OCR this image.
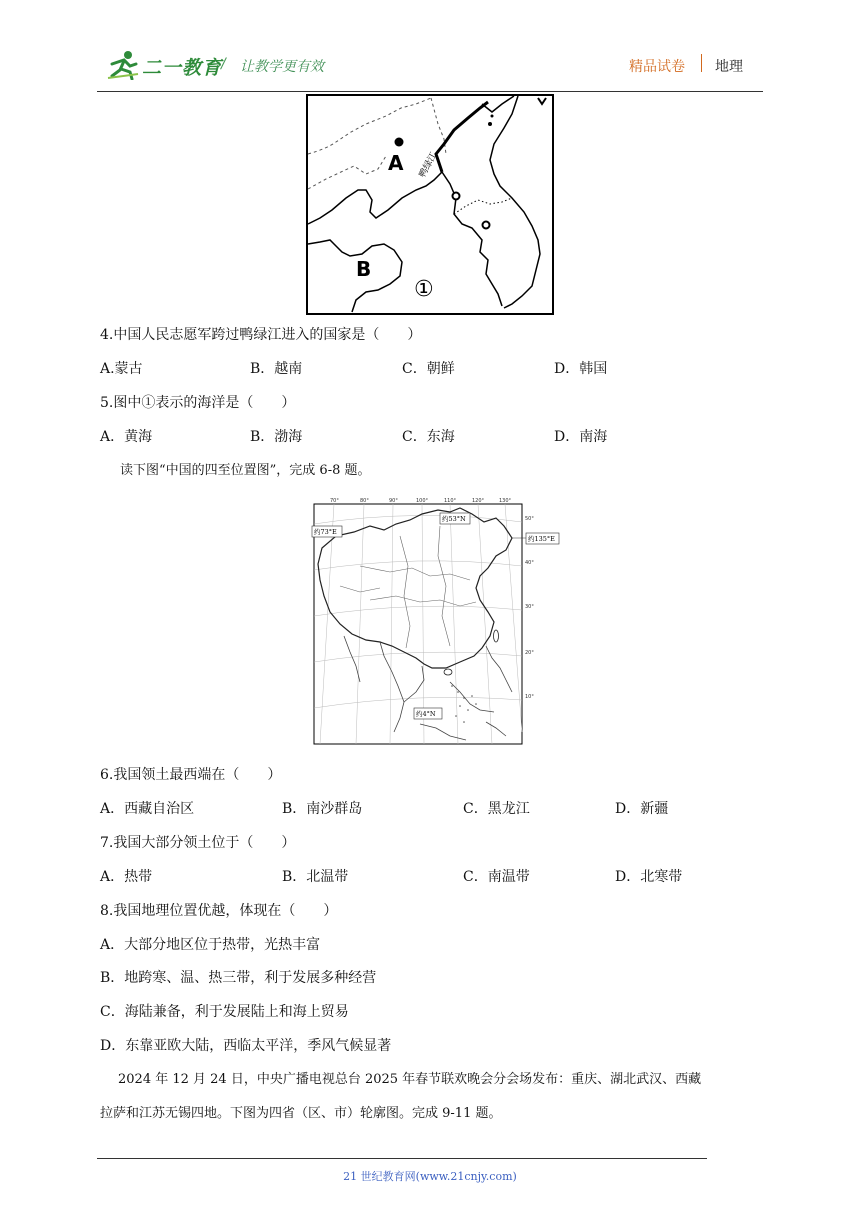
二一教育
/ 让教学更有效	精品试卷 地理
A
B
鸭绿江
①
4.中国人民志愿军跨过鸭绿江进入的国家是（　　）
A.蒙古	B．越南	C．朝鲜	D．韩国
5.图中①表示的海洋是（　　）
A．黄海	B．渤海	C．东海	D．南海
读下图“中国的四至位置图”，完成 6-8 题。
70°	80°	90°	100°	110°	120°	130°
50°
40°
30°
20°
10°
约73°E
约53°N
约135°E
约4°N
6.我国领土最西端在（　　）
A．西藏自治区	B．南沙群岛	C．黑龙江	D．新疆
7.我国大部分领土位于（　　）
A．热带	B．北温带	C．南温带	D．北寒带
8.我国地理位置优越，体现在（　　）
A．大部分地区位于热带，光热丰富
B．地跨寒、温、热三带，利于发展多种经营
C．海陆兼备，利于发展陆上和海上贸易
D．东靠亚欧大陆，西临太平洋，季风气候显著
2024 年 12 月 24 日，中央广播电视总台 2025 年春节联欢晚会分会场发布：重庆、湖北武汉、西藏
拉萨和江苏无锡四地。下图为四省（区、市）轮廓图。完成 9-11 题。
21 世纪教育网(www.21cnjy.com)
